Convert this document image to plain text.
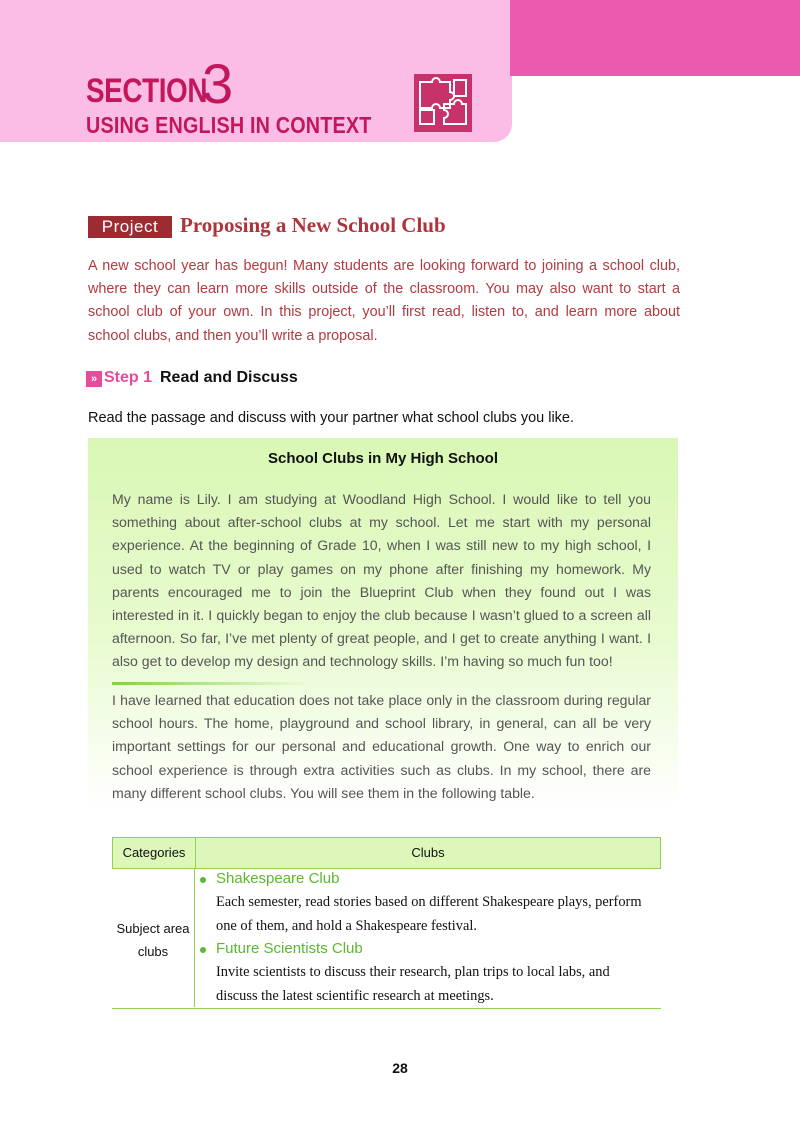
SECTION
3
USING ENGLISH IN CONTEXT
Project	Proposing a New School Club

A new school year has begun! Many students are looking forward to joining a school club, where they can learn more skills outside of the classroom. You may also want to start a school club of your own. In this project, you’ll first read, listen to, and learn more about school clubs, and then you’ll write a proposal.

» Step 1 Read and Discuss

Read the passage and discuss with your partner what school clubs you like.

School Clubs in My High School

My name is Lily. I am studying at Woodland High School. I would like to tell you something about after-school clubs at my school. Let me start with my personal experience. At the beginning of Grade 10, when I was still new to my high school, I used to watch TV or play games on my phone after finishing my homework. My parents encouraged me to join the Blueprint Club when they found out I was interested in it. I quickly began to enjoy the club because I wasn’t glued to a screen all afternoon. So far, I’ve met plenty of great people, and I get to create anything I want. I also get to develop my design and technology skills. I’m having so much fun too!

I have learned that education does not take place only in the classroom during regular school hours. The home, playground and school library, in general, can all be very important settings for our personal and educational growth. One way to enrich our school experience is through extra activities such as clubs. In my school, there are many different school clubs. You will see them in the following table.

Categories	Clubs
Subject area clubs
Shakespeare Club

Each semester, read stories based on different Shakespeare plays, perform one of them, and hold a Shakespeare festival.

Future Scientists Club

Invite scientists to discuss their research, plan trips to local labs, and discuss the latest scientific research at meetings.

28
